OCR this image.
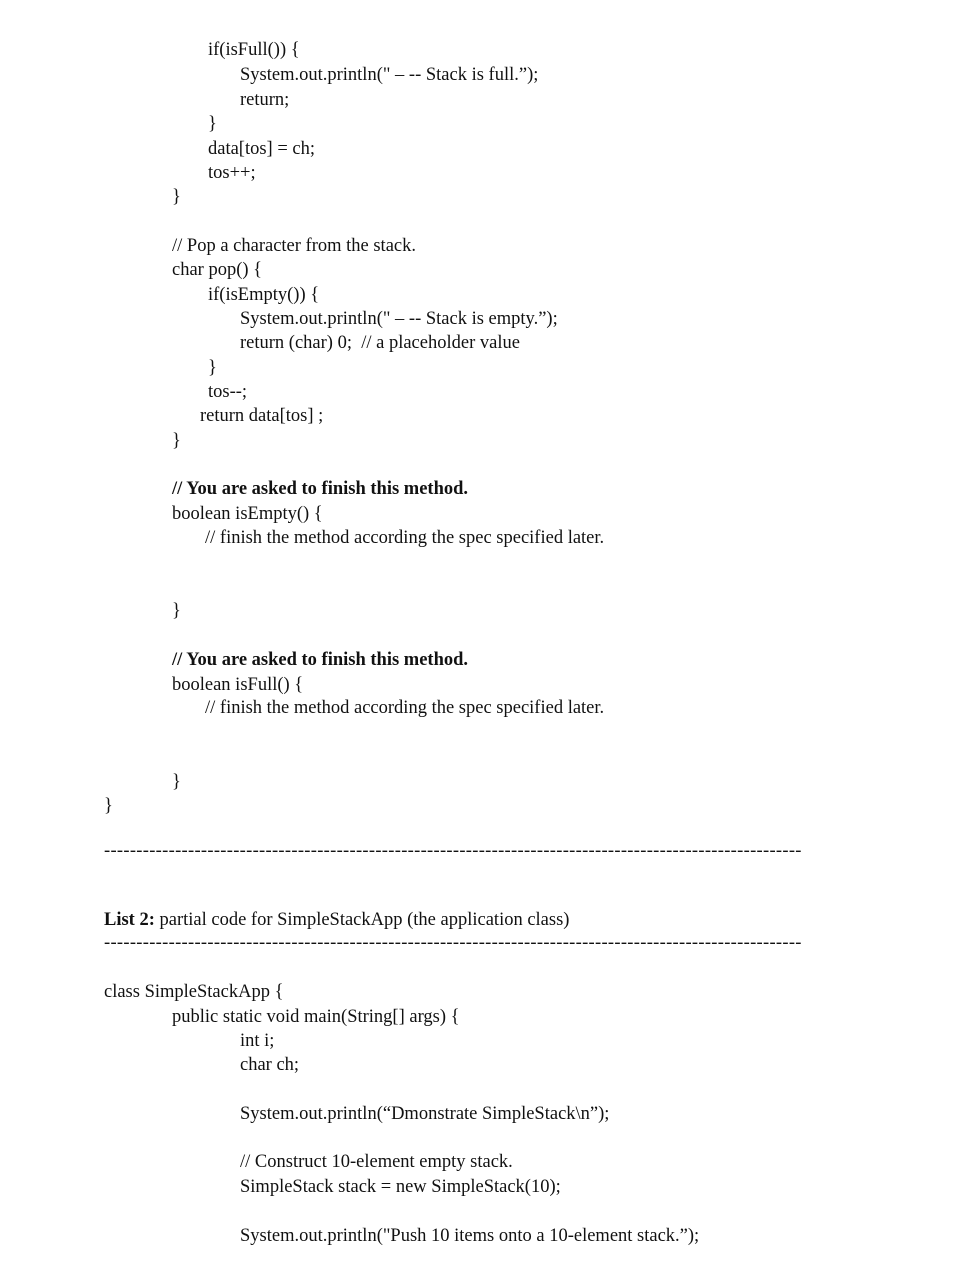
if(isFull()) {
System.out.println(" – -- Stack is full.”);
return;
}
data[tos] = ch;
tos++;
}
// Pop a character from the stack.
char pop() {
if(isEmpty()) {
System.out.println(" – -- Stack is empty.”);
return (char) 0;  // a placeholder value
}
tos--;
return data[tos] ;
}
// You are asked to finish this method.
boolean isEmpty() {
// finish the method according the spec specified later.
}
// You are asked to finish this method.
boolean isFull() {
// finish the method according the spec specified later.
}
}
------------------------------------------------------------------------------------------------------------
List 2: partial code for SimpleStackApp (the application class)
------------------------------------------------------------------------------------------------------------
class SimpleStackApp {
public static void main(String[] args) {
int i;
char ch;
System.out.println(“Dmonstrate SimpleStack\n”);
// Construct 10-element empty stack.
SimpleStack stack = new SimpleStack(10);
System.out.println("Push 10 items onto a 10-element stack.”);
